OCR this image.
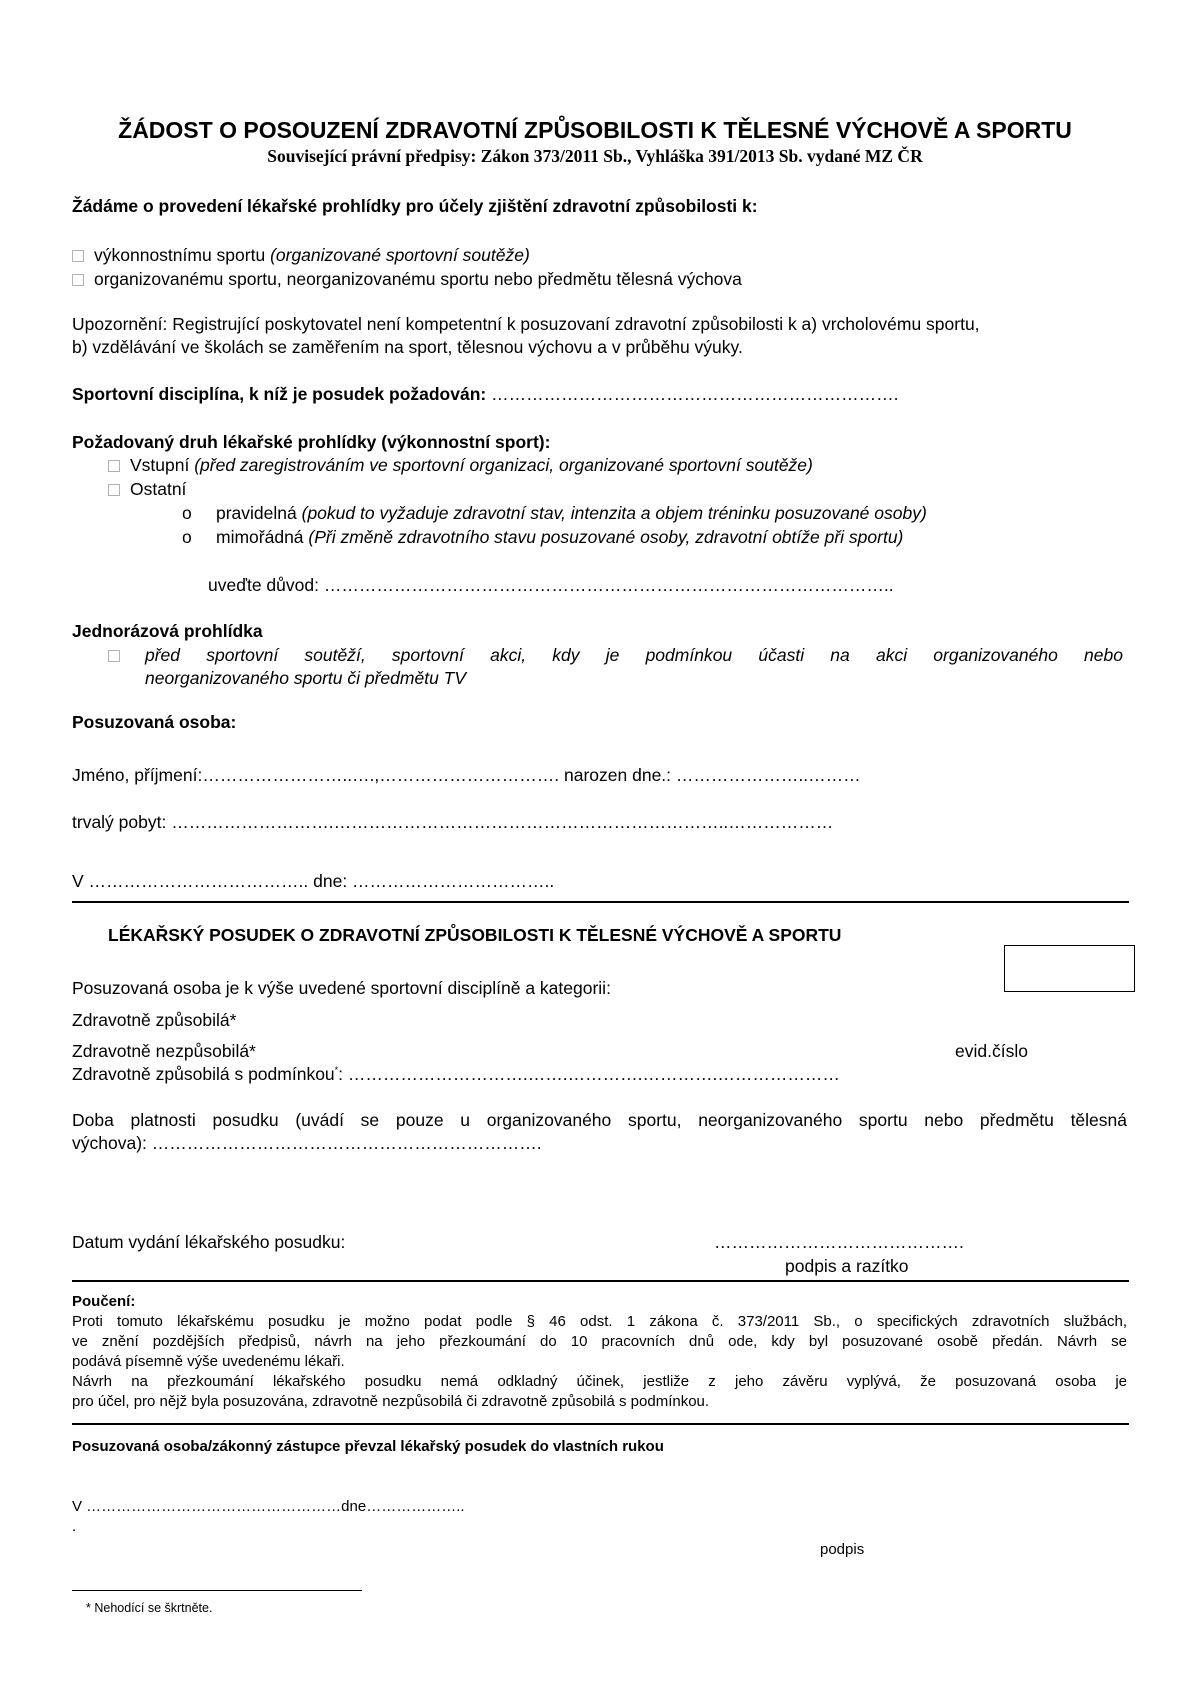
ŽÁDOST O POSOUZENÍ ZDRAVOTNÍ ZPŮSOBILOSTI K TĚLESNÉ VÝCHOVĚ A SPORTU
Související právní předpisy: Zákon 373/2011 Sb., Vyhláška 391/2013 Sb. vydané MZ ČR
Žádáme o provedení lékařské prohlídky pro účely zjištění zdravotní způsobilosti k:
výkonnostnímu sportu (organizované sportovní soutěže)
organizovanému sportu, neorganizovanému sportu nebo předmětu tělesná výchova
Upozornění: Registrující poskytovatel není kompetentní k posuzovaní zdravotní způsobilosti k a) vrcholovému sportu,
b) vzdělávání ve školách se zaměřením na sport, tělesnou výchovu a v průběhu výuky.
Sportovní disciplína, k níž je posudek požadován: …………………………………………………………….
Požadovaný druh lékařské prohlídky (výkonnostní sport):
Vstupní (před zaregistrováním ve sportovní organizaci, organizované sportovní soutěže)
Ostatní
o pravidelná (pokud to vyžaduje zdravotní stav, intenzita a objem tréninku posuzované osoby)
o mimořádná (Při změně zdravotního stavu posuzované osoby, zdravotní obtíže při sportu)
uveďte důvod: ……………………………………………………………………………………..
Jednorázová prohlídka
před sportovní soutěží, sportovní akci, kdy je podmínkou účasti na akci organizovaného nebo
neorganizovaného sportu či předmětu TV
Posuzovaná osoba:
Jméno, příjmení:……………………..….,…………………………. narozen dne.: …………………..………
trvalý pobyt: ……………………….…………………………………………………………..………………
V ……………………………….. dne: ……………………………..
LÉKAŘSKÝ POSUDEK O ZDRAVOTNÍ ZPŮSOBILOSTI K TĚLESNÉ VÝCHOVĚ A SPORTU
Posuzovaná osoba je k výše uvedené sportovní disciplíně a kategorii:
Zdravotně způsobilá*
Zdravotně nezpůsobilá*	evid.číslo
Zdravotně způsobilá s podmínkou*: ………………………….…….………….………….…………………
Doba platnosti posudku (uvádí se pouze u organizovaného sportu, neorganizovaného sportu nebo předmětu tělesná
výchova): ………………………………………………………….
Datum vydání lékařského posudku:	…………………………………….
podpis a razítko
Poučení:
Proti tomuto lékařskému posudku je možno podat podle § 46 odst. 1 zákona č. 373/2011 Sb., o specifických zdravotních službách,
ve znění pozdějších předpisů, návrh na jeho přezkoumání do 10 pracovních dnů ode, kdy byl posuzované osobě předán. Návrh se
podává písemně výše uvedenému lékaři.
Návrh na přezkoumání lékařského posudku nemá odkladný účinek, jestliže z jeho závěru vyplývá, že posuzovaná osoba je
pro účel, pro nějž byla posuzována, zdravotně nezpůsobilá či zdravotně způsobilá s podmínkou.
Posuzovaná osoba/zákonný zástupce převzal lékařský posudek do vlastních rukou
V ……………………………………………dne………………..
.
podpis
* Nehodící se škrtněte.
